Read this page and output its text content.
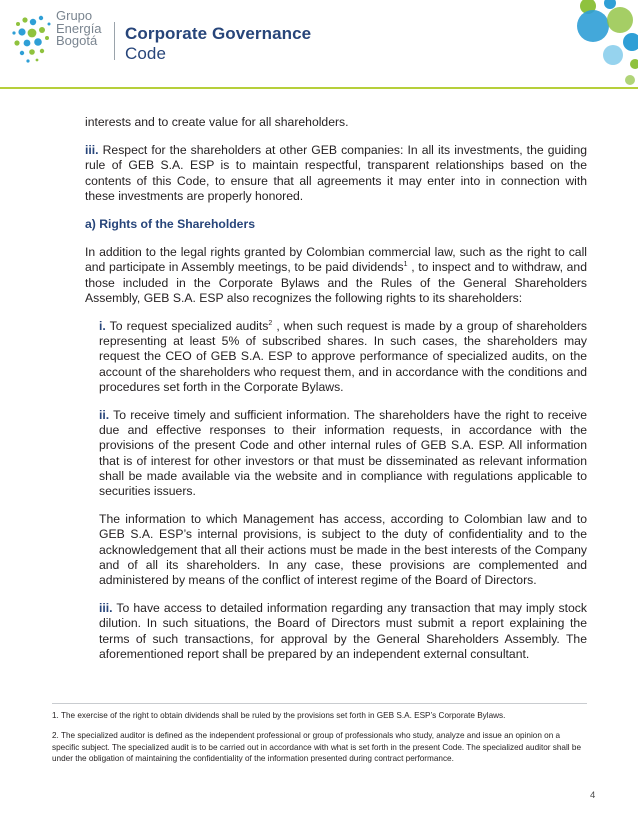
Grupo
Energía
Bogotá Corporate Governance
Code

interests and to create value for all shareholders.

iii. Respect for the shareholders at other GEB companies: In all its investments, the guiding rule of GEB S.A. ESP is to maintain respectful, transparent relationships based on the contents of this Code, to ensure that all agreements it may enter into in connection with these investments are properly honored.

a) Rights of the Shareholders

In addition to the legal rights granted by Colombian commercial law, such as the right to call and participate in Assembly meetings, to be paid dividends$^1$ , to inspect and to withdraw, and those included in the Corporate Bylaws and the Rules of the General Shareholders Assembly, GEB S.A. ESP also recognizes the following rights to its shareholders:

i. To request specialized audits$^2$ , when such request is made by a group of shareholders representing at least 5% of subscribed shares. In such cases, the shareholders may request the CEO of GEB S.A. ESP to approve performance of specialized audits, on the account of the shareholders who request them, and in accordance with the conditions and procedures set forth in the Corporate Bylaws.

ii. To receive timely and sufficient information. The shareholders have the right to receive due and effective responses to their information requests, in accordance with the provisions of the present Code and other internal rules of GEB S.A. ESP. All information that is of interest for other investors or that must be disseminated as relevant information shall be made available via the website and in compliance with regulations applicable to securities issuers.

The information to which Management has access, according to Colombian law and to GEB S.A. ESP’s internal provisions, is subject to the duty of confidentiality and to the acknowledgement that all their actions must be made in the best interests of the Company and of all its shareholders. In any case, these provisions are complemented and administered by means of the conflict of interest regime of the Board of Directors.

iii. To have access to detailed information regarding any transaction that may imply stock dilution. In such situations, the Board of Directors must submit a report explaining the terms of such transactions, for approval by the General Shareholders Assembly. The aforementioned report shall be prepared by an independent external consultant.

1. The exercise of the right to obtain dividends shall be ruled by the provisions set forth in GEB S.A. ESP’s Corporate Bylaws.

2. The specialized auditor is defined as the independent professional or group of professionals who study, analyze and issue an opinion on a specific subject. The specialized audit is to be carried out in accordance with what is set forth in the present Code. The specialized auditor shall be under the obligation of maintaining the confidentiality of the information presented during contract performance.

4
